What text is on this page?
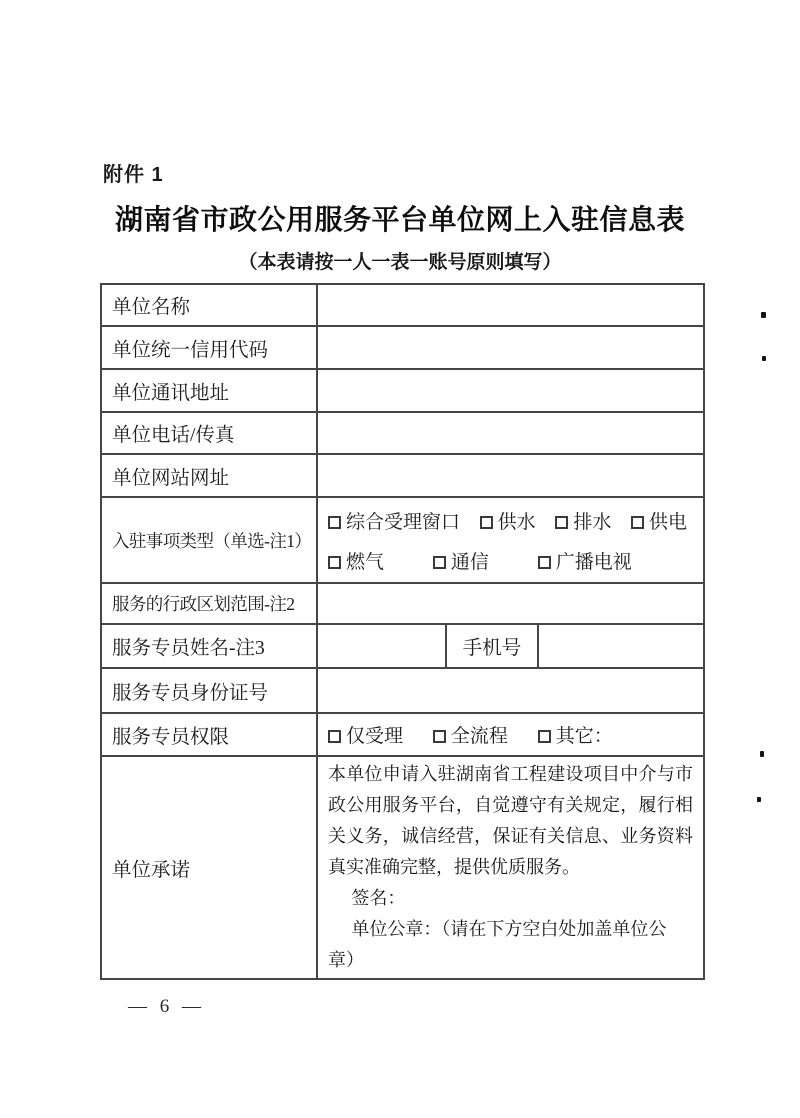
附件 1
湖南省市政公用服务平台单位网上入驻信息表
（本表请按一人一表一账号原则填写）
单位名称			
单位统一信用代码			
单位通讯地址			
单位电话/传真			
单位网站网址			
入驻事项类型（单选-注1）	综合受理窗口 供水 排水 供电
燃气 通信 广播电视		

服务的行政区划范围-注2			
服务专员姓名-注3		手机号	
服务专员身份证号			
服务专员权限	仅受理 全流程 其它：		
单位承诺	本单位申请入驻湖南省工程建设项目中介与市政公用服务平台，自觉遵守有关规定，履行相关义务，诚信经营，保证有关信息、业务资料真实准确完整，提供优质服务。
签名：
单位公章：（请在下方空白处加盖单位公章）		
— 6 —
